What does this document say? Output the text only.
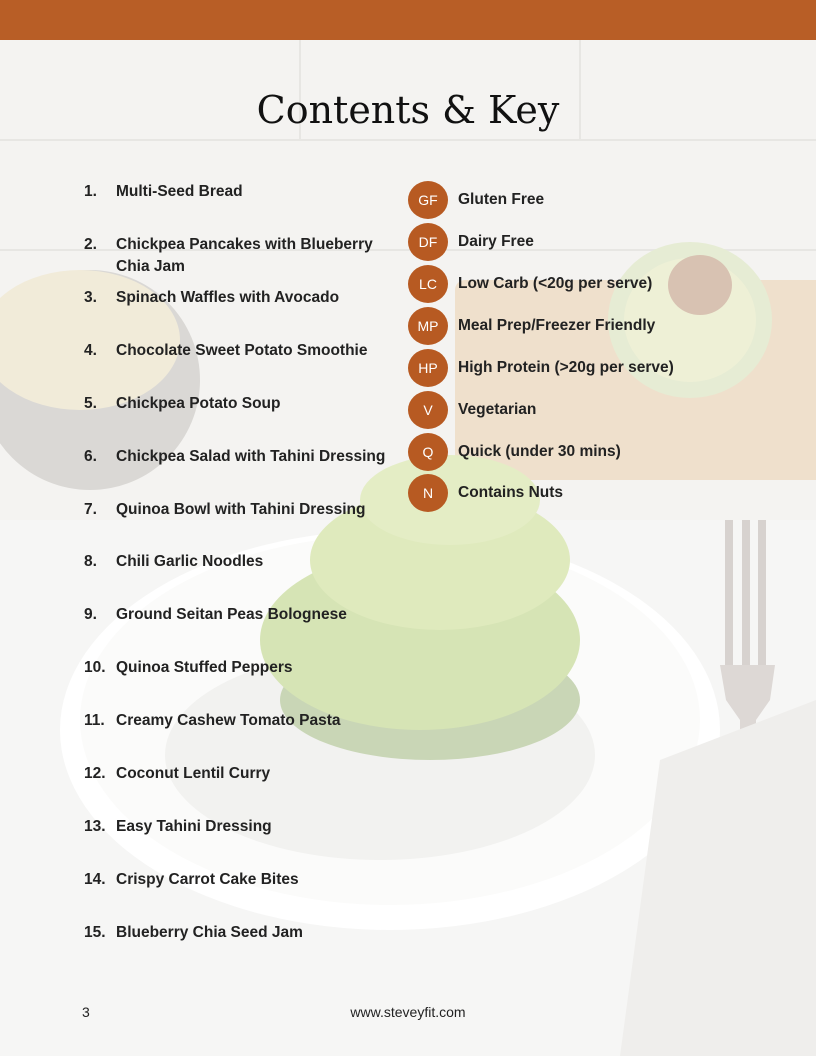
Contents & Key
1. Multi-Seed Bread
2. Chickpea Pancakes with Blueberry Chia Jam
3. Spinach Waffles with Avocado
4. Chocolate Sweet Potato Smoothie
5. Chickpea Potato Soup
6. Chickpea Salad with Tahini Dressing
7. Quinoa Bowl with Tahini Dressing
8. Chili Garlic Noodles
9. Ground Seitan Peas Bolognese
10. Quinoa Stuffed Peppers
11. Creamy Cashew Tomato Pasta
12. Coconut Lentil Curry
13. Easy Tahini Dressing
14. Crispy Carrot Cake Bites
15. Blueberry Chia Seed Jam
GF	Gluten Free
DF	Dairy Free
LC	Low Carb (<20g per serve)
MP	Meal Prep/Freezer Friendly
HP	High Protein (>20g per serve)
V	Vegetarian
Q	Quick (under 30 mins)
N	Contains Nuts
3	www.steveyfit.com
